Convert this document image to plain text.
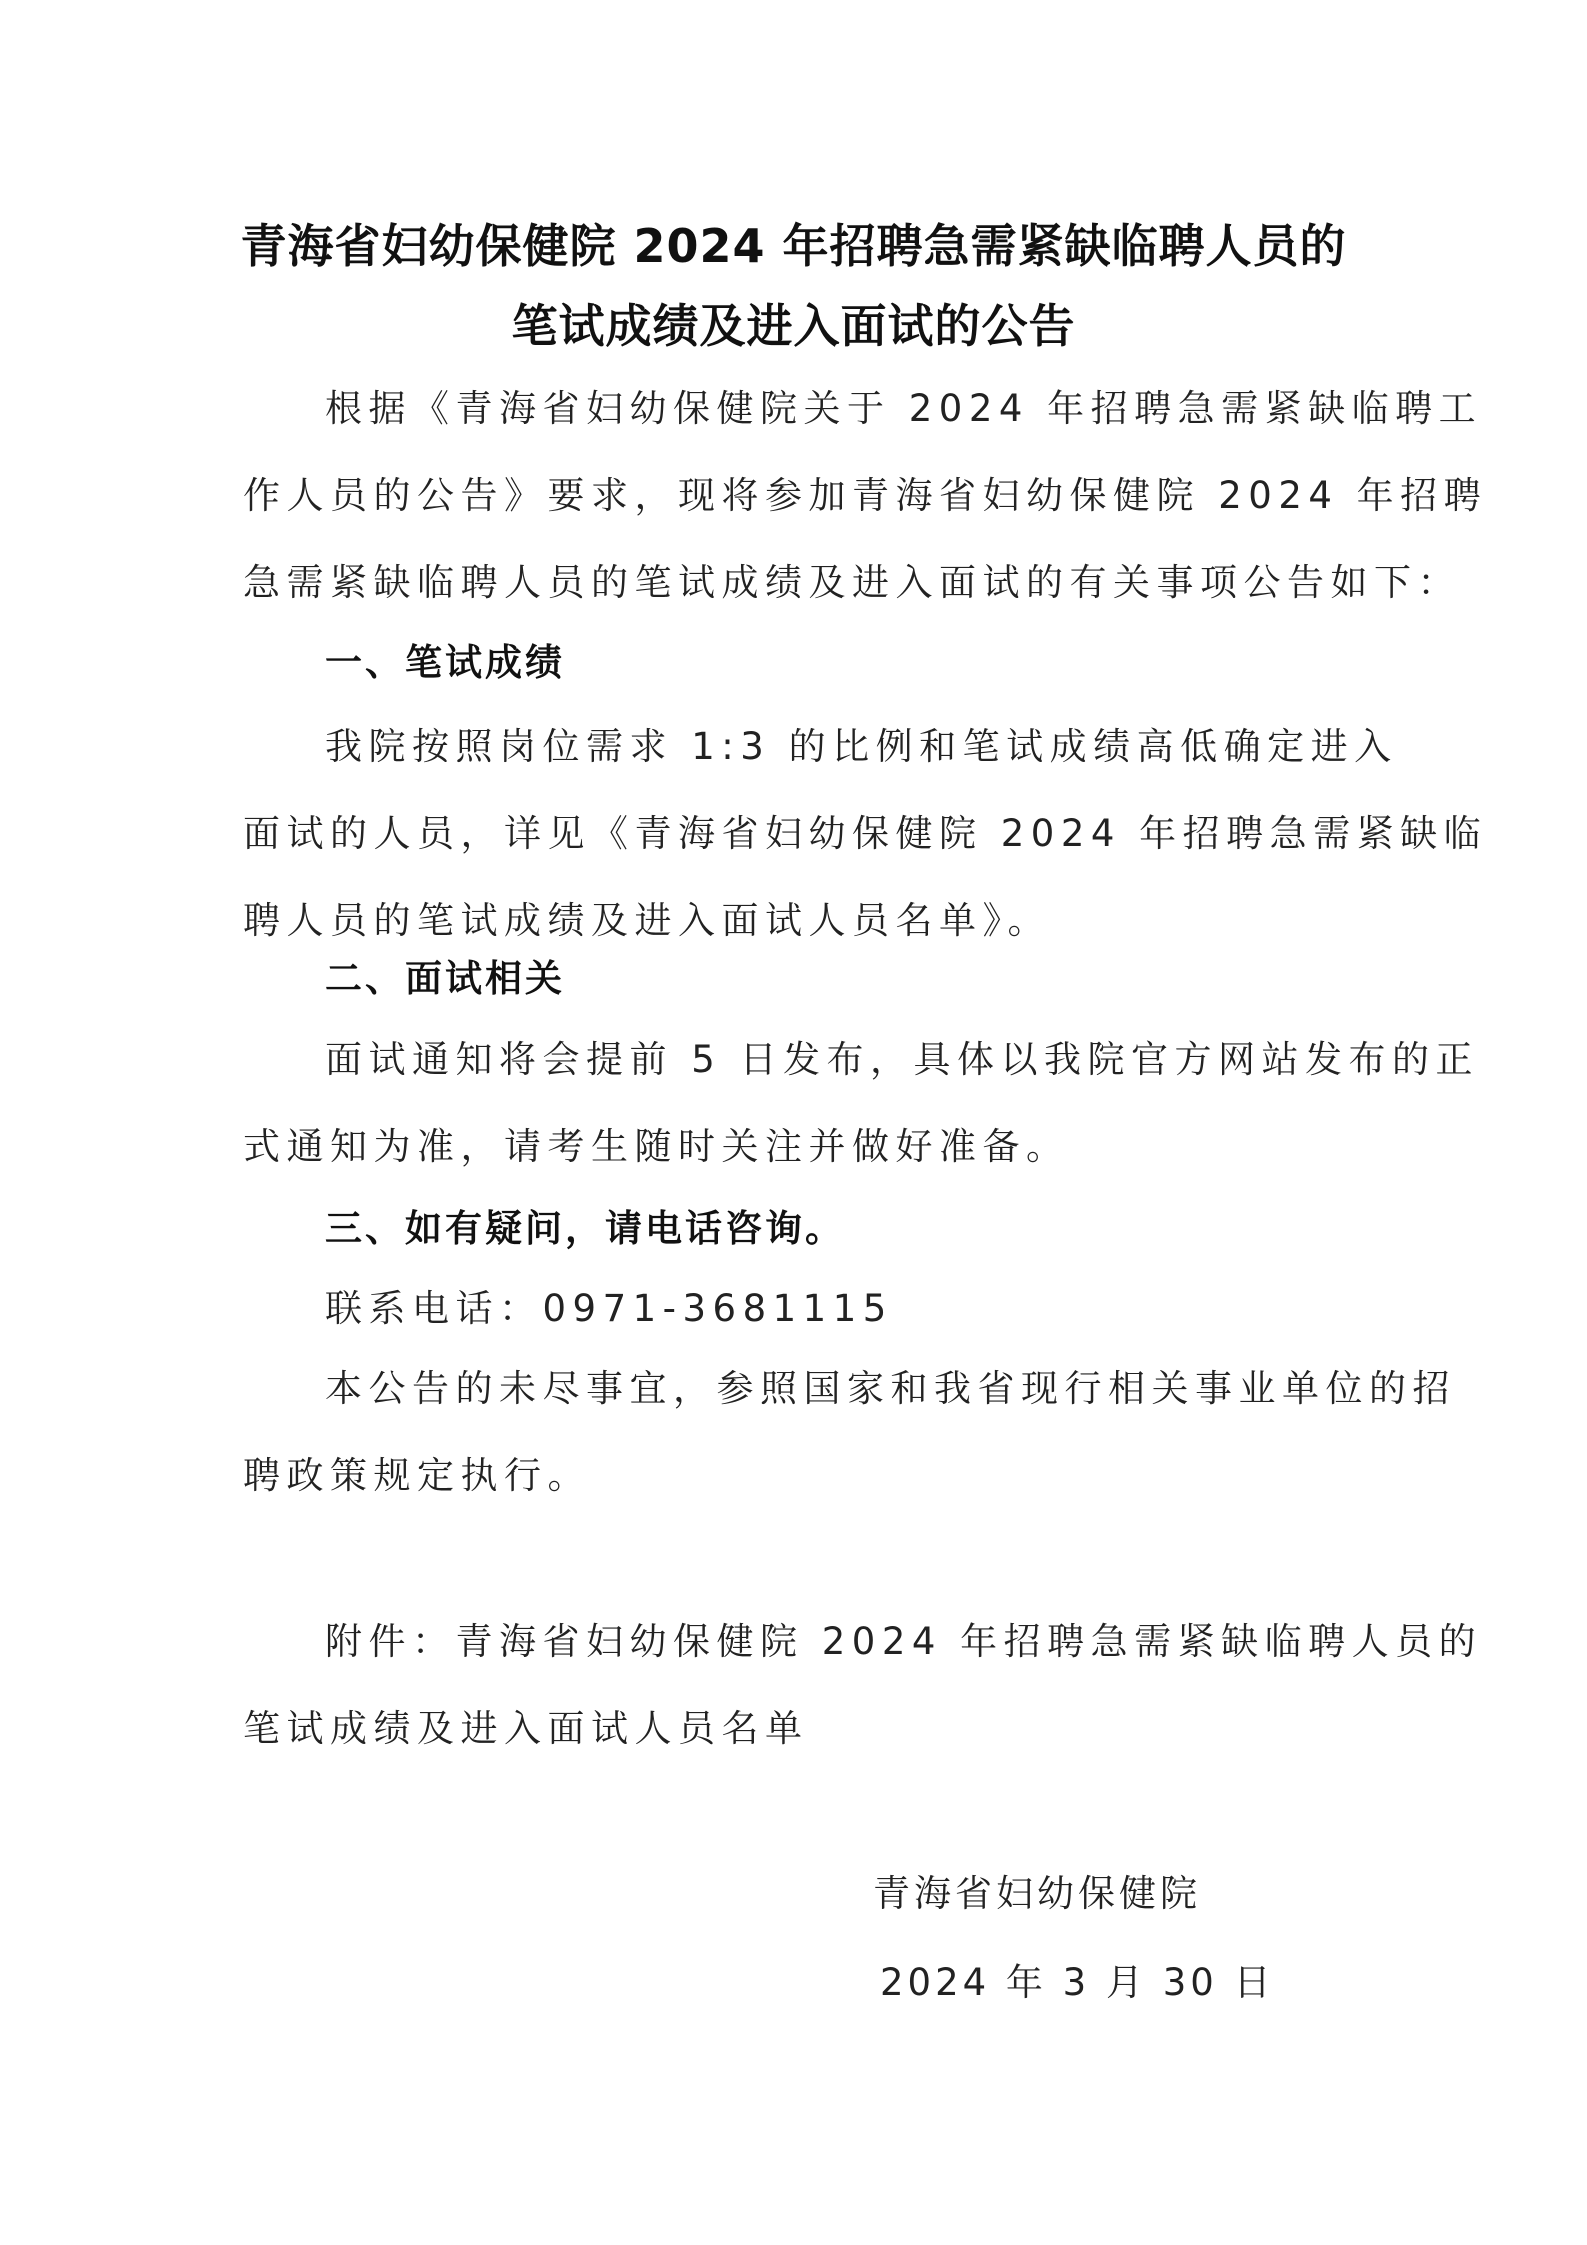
青海省妇幼保健院 2024 年招聘急需紧缺临聘人员的
笔试成绩及进入面试的公告
根据《青海省妇幼保健院关于 2024 年招聘急需紧缺临聘工
作人员的公告》要求，现将参加青海省妇幼保健院 2024 年招聘
急需紧缺临聘人员的笔试成绩及进入面试的有关事项公告如下：
一、笔试成绩
我院按照岗位需求 1:3 的比例和笔试成绩高低确定进入
面试的人员，详见《青海省妇幼保健院 2024 年招聘急需紧缺临
聘人员的笔试成绩及进入面试人员名单》。
二、面试相关
面试通知将会提前 5 日发布，具体以我院官方网站发布的正
式通知为准，请考生随时关注并做好准备。
三、如有疑问，请电话咨询。
联系电话：0971-3681115
本公告的未尽事宜，参照国家和我省现行相关事业单位的招
聘政策规定执行。
附件：青海省妇幼保健院 2024 年招聘急需紧缺临聘人员的
笔试成绩及进入面试人员名单
青海省妇幼保健院
2024 年 3 月 30 日
